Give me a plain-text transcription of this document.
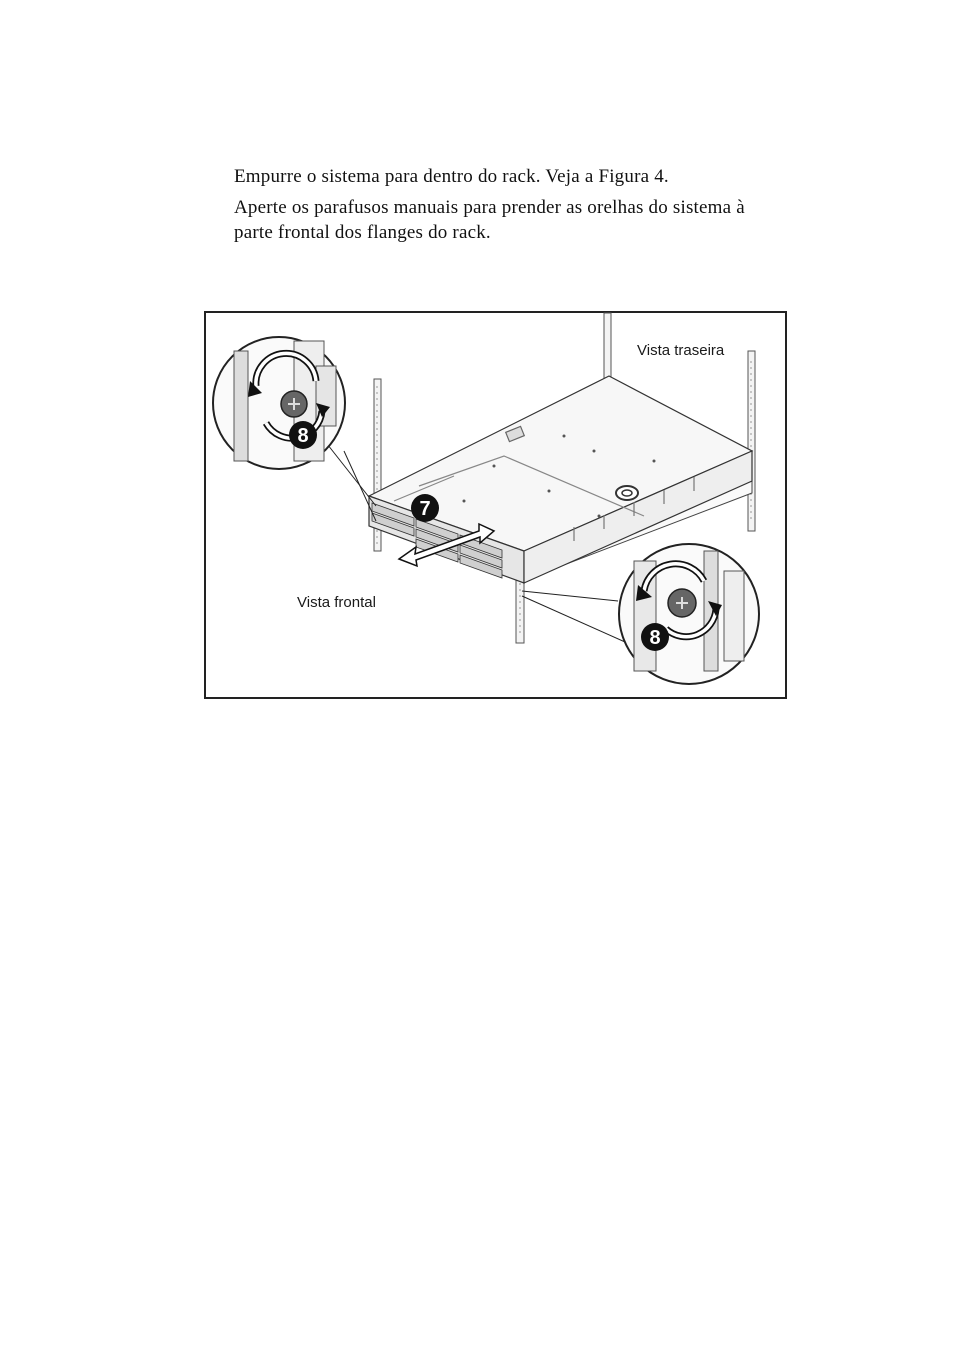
Empurre o sistema para dentro do rack. Veja a Figura 4.
Aperte os parafusos manuais para prender as orelhas do sistema à
parte frontal dos flanges do rack.
7
8
8
Vista traseira
Vista frontal
